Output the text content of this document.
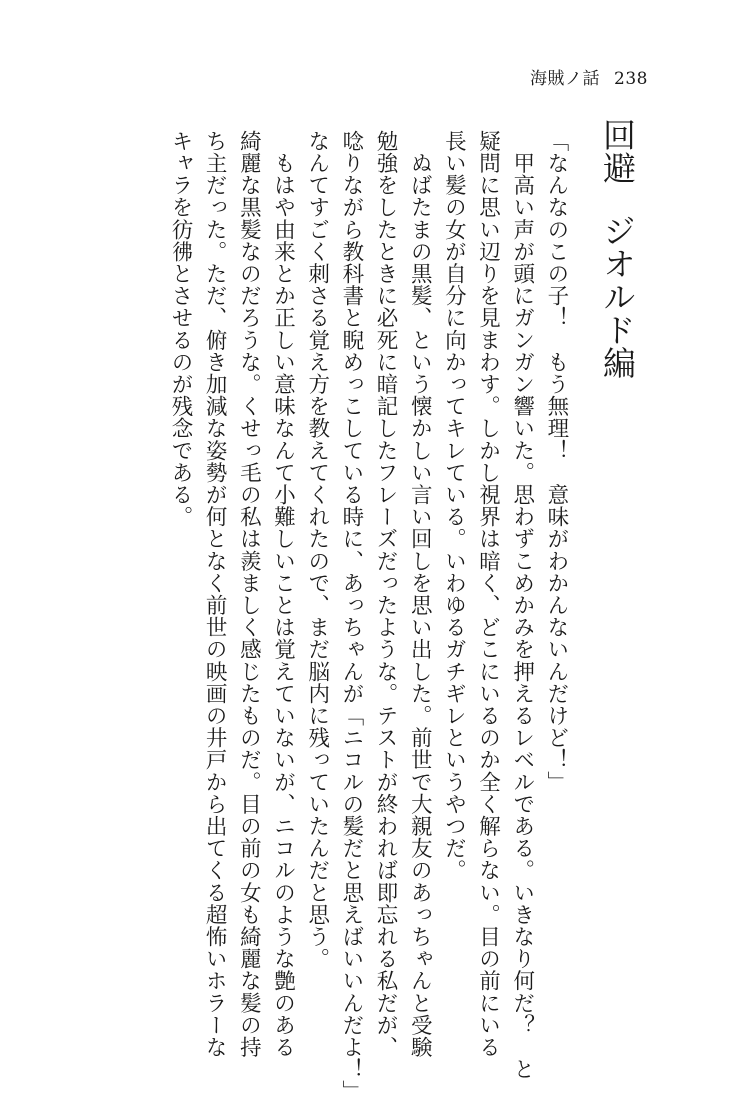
海賊ノ話 238
回避ジオルド編
「なんなのこの子！　もう無理！　意味がわかんないんだけど！」
　甲高い声が頭にガンガン響いた。思わずこめかみを押えるレベルである。いきなり何だ？　と
疑問に思い辺りを見まわす。しかし視界は暗く、どこにいるのか全く解らない。目の前にいる
長い髪の女が自分に向かってキレている。いわゆるガチギレというやつだ。
　ぬばたまの黒髪、という懐かしい言い回しを思い出した。前世で大親友のあっちゃんと受験
勉強をしたときに必死に暗記したフレーズだったような。テストが終われば即忘れる私だが、
唸りながら教科書と睨めっこしている時に、あっちゃんが「ニコルの髪だと思えばいいんだよ！」
なんてすごく刺さる覚え方を教えてくれたので、まだ脳内に残っていたんだと思う。
　もはや由来とか正しい意味なんて小難しいことは覚えていないが、ニコルのような艶のある
綺麗な黒髪なのだろうな。くせっ毛の私は羨ましく感じたものだ。目の前の女も綺麗な髪の持
ち主だった。ただ、俯き加減な姿勢が何となく前世の映画の井戸から出てくる超怖いホラーな
キャラを彷彿とさせるのが残念である。
